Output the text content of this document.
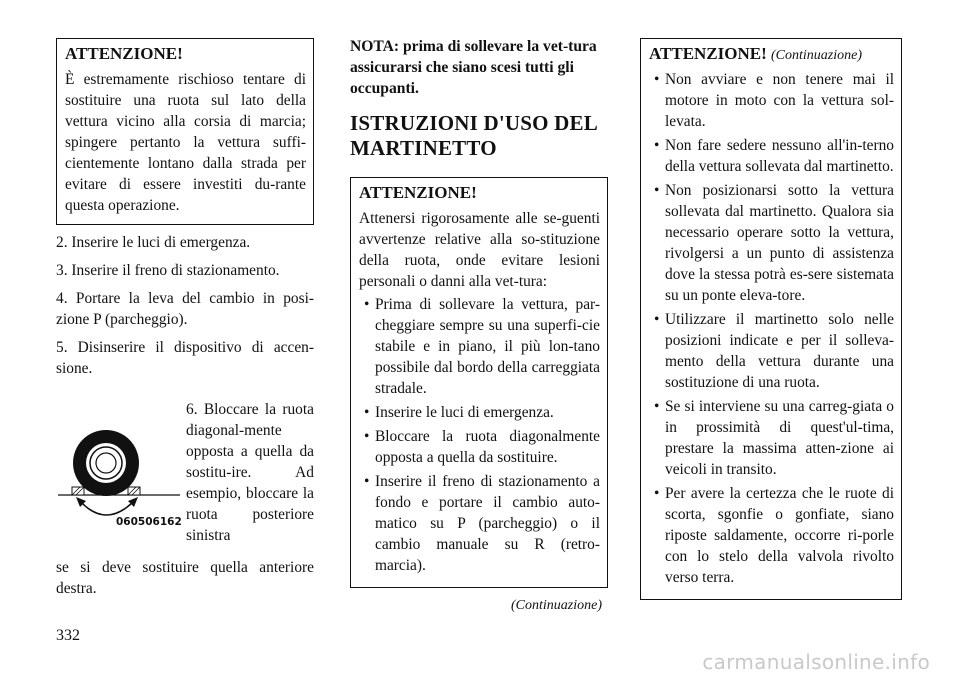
ATTENZIONE!
È estremamente rischioso tentare di sostituire una ruota sul lato della vettura vicino alla corsia di marcia; spingere pertanto la vettura suffi-cientemente lontano dalla strada per evitare di essere investiti du-rante questa operazione.
2. Inserire le luci di emergenza.
3. Inserire il freno di stazionamento.
4. Portare la leva del cambio in posi-zione P (parcheggio).
5. Disinserire il dispositivo di accen-sione.
060506162
6. Bloccare la ruota diagonal-mente opposta a quella da sostitu-ire. Ad esempio, bloccare la ruota posteriore sinistra
se si deve sostituire quella anteriore destra.
NOTA: prima di sollevare la vet-tura assicurarsi che siano scesi tutti gli occupanti.
ISTRUZIONI D'USO DEL
MARTINETTO
ATTENZIONE!
Attenersi rigorosamente alle se-guenti avvertenze relative alla so-stituzione della ruota, onde evitare lesioni personali o danni alla vet-tura:
• Prima di sollevare la vettura, par-cheggiare sempre su una superfi-cie stabile e in piano, il più lon-tano possibile dal bordo della carreggiata stradale.
• Inserire le luci di emergenza.
• Bloccare la ruota diagonalmente opposta a quella da sostituire.
• Inserire il freno di stazionamento a fondo e portare il cambio auto-matico su P (parcheggio) o il cambio manuale su R (retro-marcia).
(Continuazione)
ATTENZIONE! (Continuazione)
• Non avviare e non tenere mai il motore in moto con la vettura sol-levata.
• Non fare sedere nessuno all'in-terno della vettura sollevata dal martinetto.
• Non posizionarsi sotto la vettura sollevata dal martinetto. Qualora sia necessario operare sotto la vettura, rivolgersi a un punto di assistenza dove la stessa potrà es-sere sistemata su un ponte eleva-tore.
• Utilizzare il martinetto solo nelle posizioni indicate e per il solleva-mento della vettura durante una sostituzione di una ruota.
• Se si interviene su una carreg-giata o in prossimità di quest'ul-tima, prestare la massima atten-zione ai veicoli in transito.
• Per avere la certezza che le ruote di scorta, sgonfie o gonfiate, siano riposte saldamente, occorre ri-porle con lo stelo della valvola rivolto verso terra.
332
carmanualsonline.info
